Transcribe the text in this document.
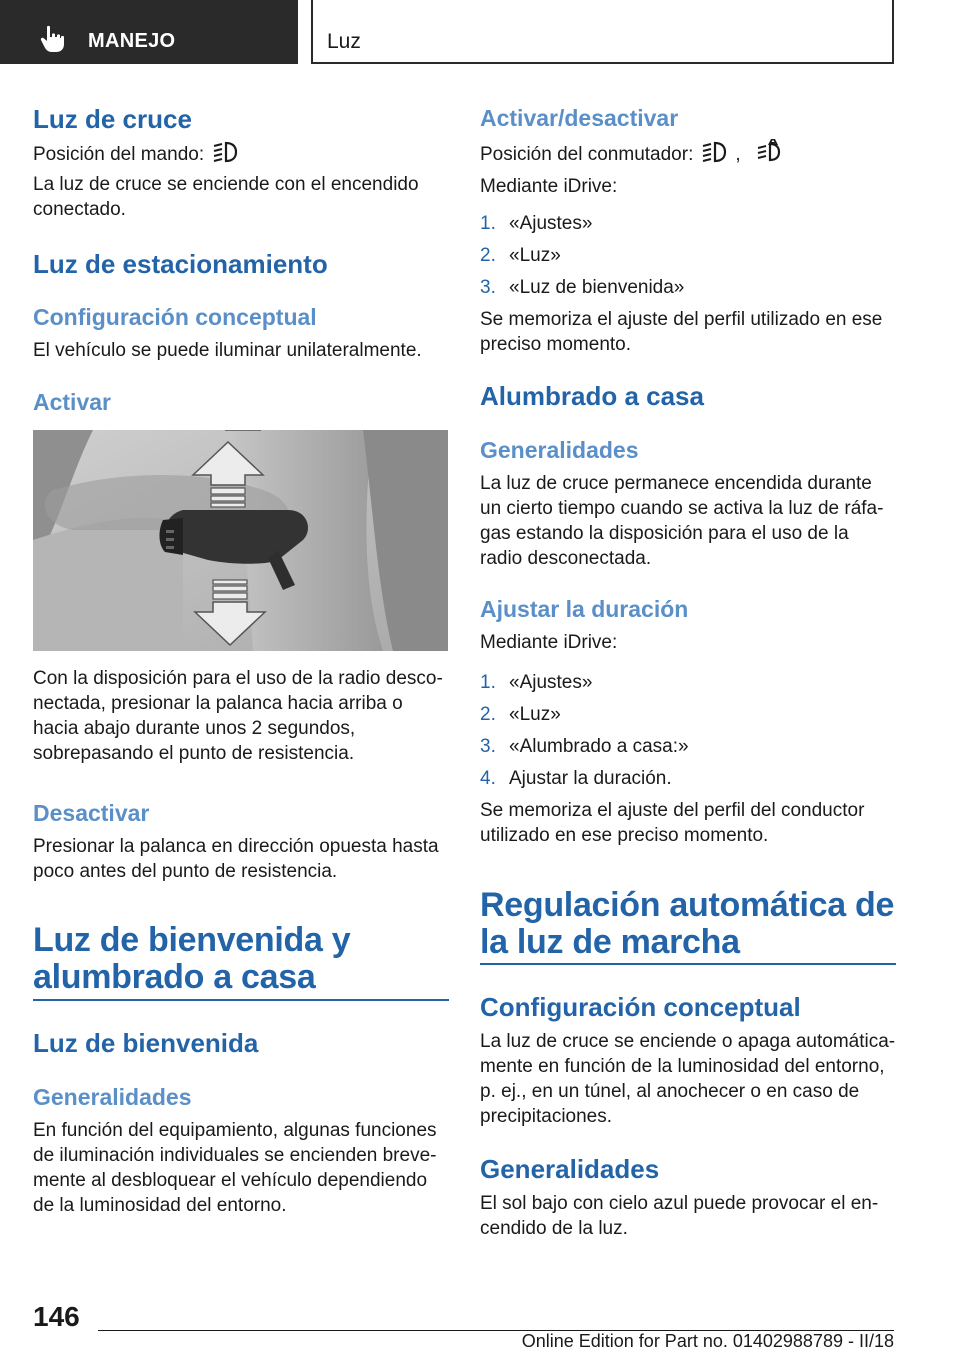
MANEJO	Luz
Luz de cruce

Posición del mando:

La luz de cruce se enciende con el encendido conectado.

Luz de estacionamiento
Configuración conceptual

El vehículo se puede iluminar unilateralmente.

Activar

Con la disposición para el uso de la radio desconectada, presionar la palanca hacia arriba o hacia abajo durante unos 2 segundos, sobrepasando el punto de resistencia.

Desactivar

Presionar la palanca en dirección opuesta hasta poco antes del punto de resistencia.

Luz de bienvenida y alumbrado a casa
Luz de bienvenida
Generalidades

En función del equipamiento, algunas funciones de iluminación individuales se encienden brevemente al desbloquear el vehículo dependiendo de la luminosidad del entorno.

Activar/desactivar

Posición del conmutador: ,

Mediante iDrive:

1. «Ajustes»
2. «Luz»
3. «Luz de bienvenida»

Se memoriza el ajuste del perfil utilizado en ese preciso momento.

Alumbrado a casa
Generalidades

La luz de cruce permanece encendida durante un cierto tiempo cuando se activa la luz de ráfagas estando la disposición para el uso de la radio desconectada.

Ajustar la duración

Mediante iDrive:

1. «Ajustes»
2. «Luz»
3. «Alumbrado a casa:»
4. Ajustar la duración.

Se memoriza el ajuste del perfil del conductor utilizado en ese preciso momento.

Regulación automática de la luz de marcha
Configuración conceptual

La luz de cruce se enciende o apaga automáticamente en función de la luminosidad del entorno, p. ej., en un túnel, al anochecer o en caso de precipitaciones.

Generalidades

El sol bajo con cielo azul puede provocar el encendido de la luz.

146
Online Edition for Part no. 01402988789 - II/18
